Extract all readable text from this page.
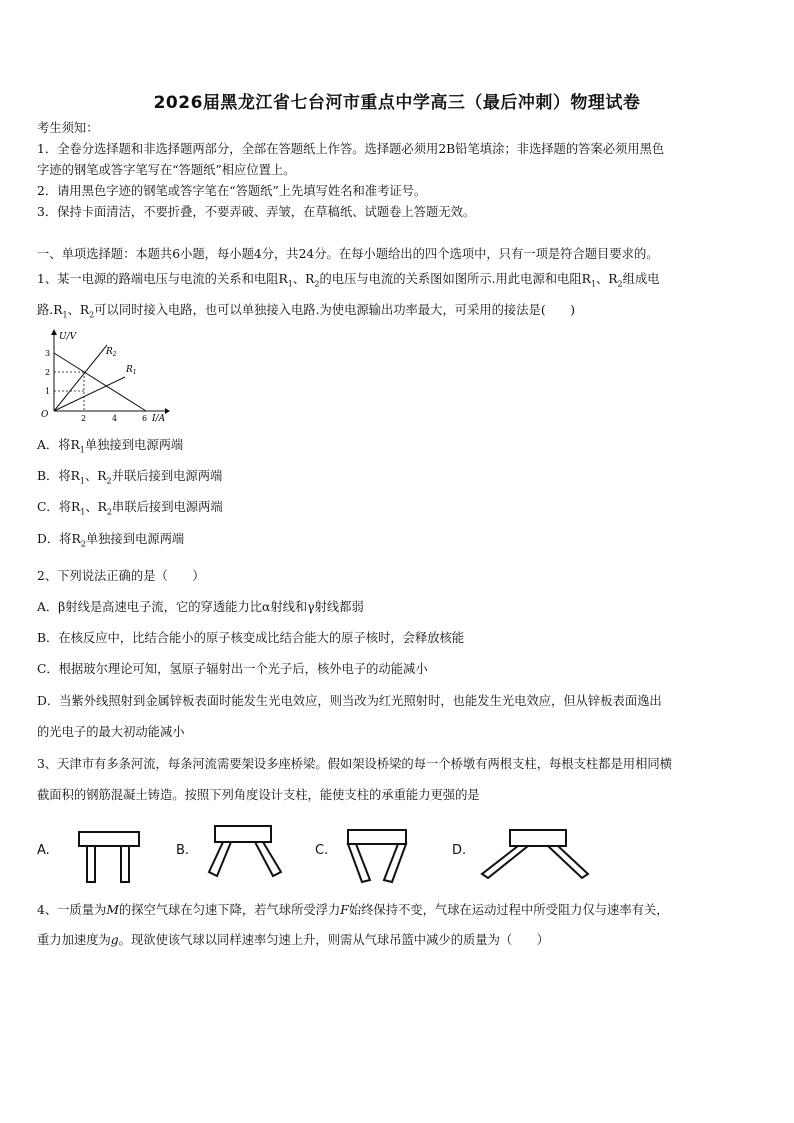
2026届黑龙江省七台河市重点中学高三（最后冲刺）物理试卷
考生须知：
1．全卷分选择题和非选择题两部分，全部在答题纸上作答。选择题必须用2B铅笔填涂；非选择题的答案必须用黑色
字迹的钢笔或答字笔写在“答题纸”相应位置上。
2．请用黑色字迹的钢笔或答字笔在“答题纸”上先填写姓名和准考证号。
3．保持卡面清洁，不要折叠，不要弄破、弄皱，在草稿纸、试题卷上答题无效。
一、单项选择题：本题共6小题，每小题4分，共24分。在每小题给出的四个选项中，只有一项是符合题目要求的。
1、某一电源的路端电压与电流的关系和电阻$R_1$、$R_2$的电压与电流的关系图如图所示.用此电源和电阻$R_1$、$R_2$组成电
路$.R_1$、$R_2$可以同时接入电路，也可以单独接入电路.为使电源输出功率最大，可采用的接法是(　　)
U/V
I/A
O
3
2
1
2	4	6
$R_2$
$R_1$
A．将$R_1$单独接到电源两端
B．将$R_1$、$R_2$并联后接到电源两端
C．将$R_1$、$R_2$串联后接到电源两端
D．将$R_2$单独接到电源两端
2、下列说法正确的是（　　）
A．β射线是高速电子流，它的穿透能力比α射线和γ射线都弱
B．在核反应中，比结合能小的原子核变成比结合能大的原子核时，会释放核能
C．根据玻尔理论可知，氢原子辐射出一个光子后，核外电子的动能减小
D．当紫外线照射到金属锌板表面时能发生光电效应，则当改为红光照射时，也能发生光电效应，但从锌板表面逸出
的光电子的最大初动能减小
3、天津市有多条河流，每条河流需要架设多座桥梁。假如架设桥梁的每一个桥墩有两根支柱，每根支柱都是用相同横
截面积的钢筋混凝土铸造。按照下列角度设计支柱，能使支柱的承重能力更强的是
A.	B.	C.	D.
4、一质量为M的探空气球在匀速下降，若气球所受浮力F始终保持不变，气球在运动过程中所受阻力仅与速率有关，
重力加速度为g。现欲使该气球以同样速率匀速上升，则需从气球吊篮中减少的质量为（　　）
